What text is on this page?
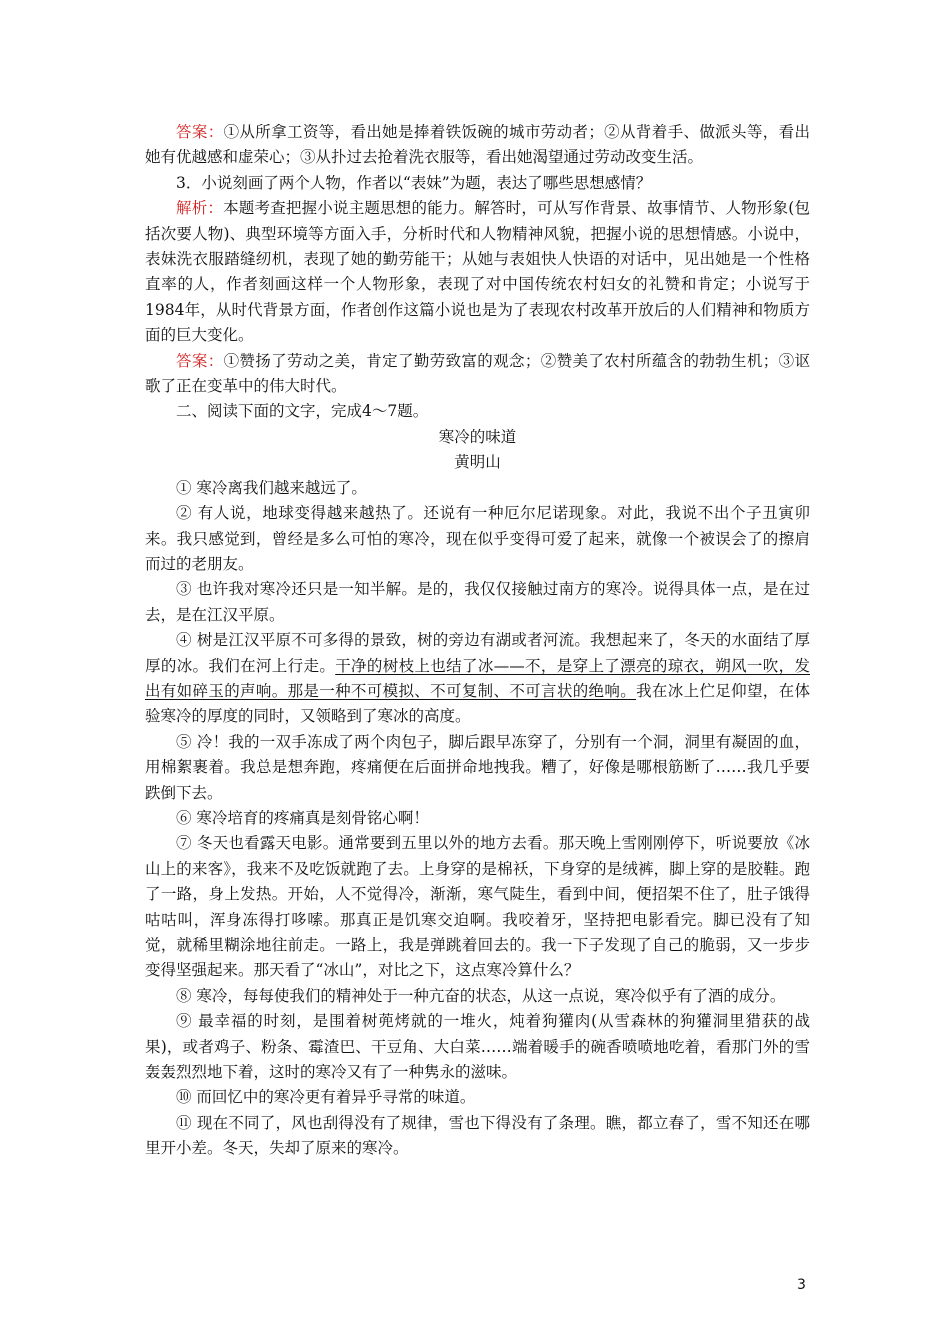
答案：①从所拿工资等，看出她是捧着铁饭碗的城市劳动者；②从背着手、做派头等，看出她有优越感和虚荣心；③从扑过去抢着洗衣服等，看出她渴望通过劳动改变生活。

3．小说刻画了两个人物，作者以“表妹”为题，表达了哪些思想感情？

解析：本题考查把握小说主题思想的能力。解答时，可从写作背景、故事情节、人物形象(包括次要人物)、典型环境等方面入手，分析时代和人物精神风貌，把握小说的思想情感。小说中，表妹洗衣服踏缝纫机，表现了她的勤劳能干；从她与表姐快人快语的对话中，见出她是一个性格直率的人，作者刻画这样一个人物形象，表现了对中国传统农村妇女的礼赞和肯定；小说写于1984年，从时代背景方面，作者创作这篇小说也是为了表现农村改革开放后的人们精神和物质方面的巨大变化。

答案：①赞扬了劳动之美，肯定了勤劳致富的观念；②赞美了农村所蕴含的勃勃生机；③讴歌了正在变革中的伟大时代。

二、阅读下面的文字，完成4～7题。

寒冷的味道

黄明山

① 寒冷离我们越来越远了。

② 有人说，地球变得越来越热了。还说有一种厄尔尼诺现象。对此，我说不出个子丑寅卯来。我只感觉到，曾经是多么可怕的寒冷，现在似乎变得可爱了起来，就像一个被误会了的擦肩而过的老朋友。

③ 也许我对寒冷还只是一知半解。是的，我仅仅接触过南方的寒冷。说得具体一点，是在过去，是在江汉平原。

④ 树是江汉平原不可多得的景致，树的旁边有湖或者河流。我想起来了，冬天的水面结了厚厚的冰。我们在河上行走。干净的树枝上也结了冰——不，是穿上了漂亮的琼衣，朔风一吹，发出有如碎玉的声响。那是一种不可模拟、不可复制、不可言状的绝响。我在冰上伫足仰望，在体验寒冷的厚度的同时，又领略到了寒冰的高度。

⑤ 冷！我的一双手冻成了两个肉包子，脚后跟早冻穿了，分别有一个洞，洞里有凝固的血，用棉絮裹着。我总是想奔跑，疼痛便在后面拼命地拽我。糟了，好像是哪根筋断了……我几乎要跌倒下去。

⑥ 寒冷培育的疼痛真是刻骨铭心啊！

⑦ 冬天也看露天电影。通常要到五里以外的地方去看。那天晚上雪刚刚停下，听说要放《冰山上的来客》，我来不及吃饭就跑了去。上身穿的是棉袄，下身穿的是绒裤，脚上穿的是胶鞋。跑了一路，身上发热。开始，人不觉得冷，渐渐，寒气陡生，看到中间，便招架不住了，肚子饿得咕咕叫，浑身冻得打哆嗦。那真正是饥寒交迫啊。我咬着牙，坚持把电影看完。脚已没有了知觉，就稀里糊涂地往前走。一路上，我是弹跳着回去的。我一下子发现了自己的脆弱，又一步步变得坚强起来。那天看了“冰山”，对比之下，这点寒冷算什么？

⑧ 寒冷，每每使我们的精神处于一种亢奋的状态，从这一点说，寒冷似乎有了酒的成分。

⑨ 最幸福的时刻，是围着树蔸烤就的一堆火，炖着狗獾肉(从雪森林的狗獾洞里猎获的战果)，或者鸡子、粉条、霉渣巴、干豆角、大白菜……端着暖手的碗香喷喷地吃着，看那门外的雪轰轰烈烈地下着，这时的寒冷又有了一种隽永的滋味。

⑩ 而回忆中的寒冷更有着异乎寻常的味道。

⑪ 现在不同了，风也刮得没有了规律，雪也下得没有了条理。瞧，都立春了，雪不知还在哪里开小差。冬天，失却了原来的寒冷。

3
